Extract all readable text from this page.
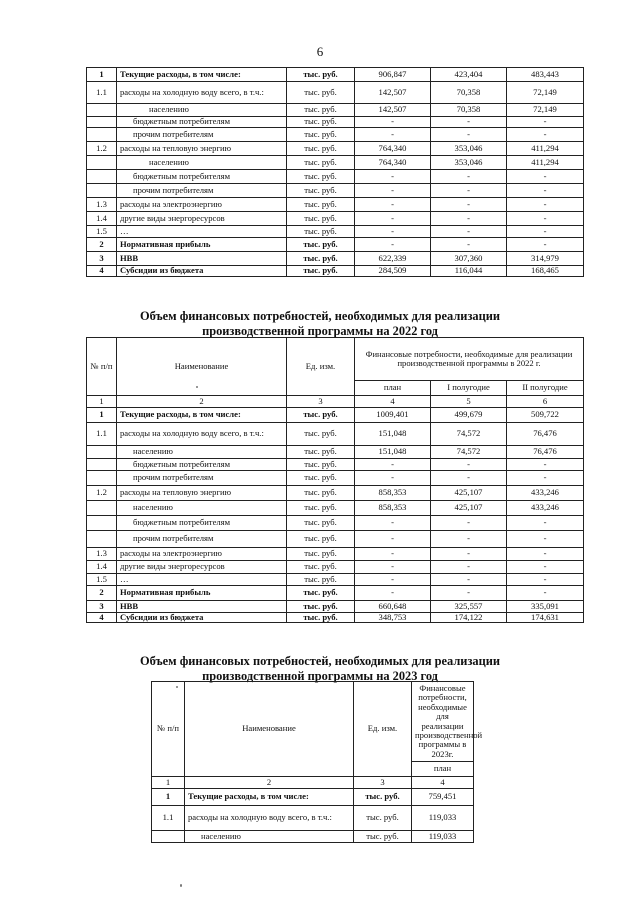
6
1	Текущие расходы, в том числе:	тыс. руб.	906,847	423,404	483,443
1.1	расходы на холодную воду всего, в т.ч.:	тыс. руб.	142,507	70,358	72,149
	населению	тыс. руб.	142,507	70,358	72,149
	бюджетным потребителям	тыс. руб.	-	-	-
	прочим потребителям	тыс. руб.	-	-	-
1.2	расходы на тепловую энергию	тыс. руб.	764,340	353,046	411,294
	населению	тыс. руб.	764,340	353,046	411,294
	бюджетным потребителям	тыс. руб.	-	-	-
	прочим потребителям	тыс. руб.	-	-	-
1.3	расходы на электроэнергию	тыс. руб.	-	-	-
1.4	другие виды энергоресурсов	тыс. руб.	-	-	-
1.5	…	тыс. руб.	-	-	-
2	Нормативная прибыль	тыс. руб.	-	-	-
3	НВВ	тыс. руб.	622,339	307,360	314,979
4	Субсидии из бюджета	тыс. руб.	284,509	116,044	168,465
Объем финансовых потребностей, необходимых для реализации
производственной программы на 2022 год
№ п/п	Наименование	Ед. изм.	Финансовые потребности, необходимые для реализации производственной программы в 2022 г.		
			план	I полугодие	II полугодие
1	2	3	4	5	6
1	Текущие расходы, в том числе:	тыс. руб.	1009,401	499,679	509,722
1.1	расходы на холодную воду всего, в т.ч.:	тыс. руб.	151,048	74,572	76,476
	населению	тыс. руб.	151,048	74,572	76,476
	бюджетным потребителям	тыс. руб.	-	-	-
	прочим потребителям	тыс. руб.	-	-	-
1.2	расходы на тепловую энергию	тыс. руб.	858,353	425,107	433,246
	населению	тыс. руб.	858,353	425,107	433,246
	бюджетным потребителям	тыс. руб.	-	-	-
	прочим потребителям	тыс. руб.	-	-	-
1.3	расходы на электроэнергию	тыс. руб.	-	-	-
1.4	другие виды энергоресурсов	тыс. руб.	-	-	-
1.5	…	тыс. руб.	-	-	-
2	Нормативная прибыль	тыс. руб.	-	-	-
3	НВВ	тыс. руб.	660,648	325,557	335,091
4	Субсидии из бюджета	тыс. руб.	348,753	174,122	174,631
Объем финансовых потребностей, необходимых для реализации
производственной программы на 2023 год
№ п/п	Наименование	Ед. изм.	Финансовые потребности, необходимые для реализации производственной программы в 2023г.
			план
1	2	3	4
1	Текущие расходы, в том числе:	тыс. руб.	759,451
1.1	расходы на холодную воду всего, в т.ч.:	тыс. руб.	119,033
	населению	тыс. руб.	119,033
